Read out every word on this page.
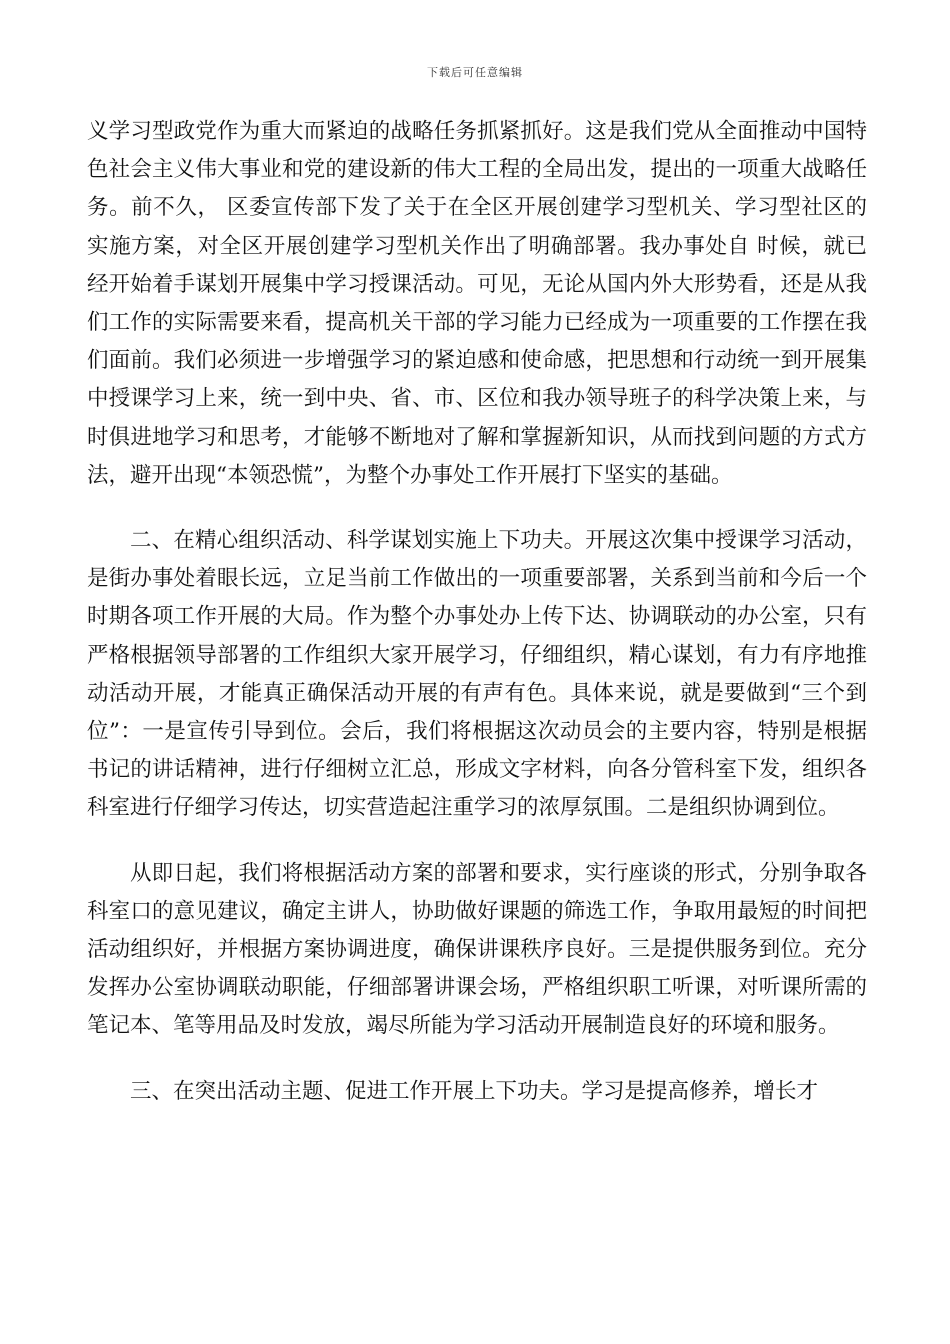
下载后可任意编辑

义学习型政党作为重大而紧迫的战略任务抓紧抓好。这是我们党从全面推动中国特色社会主义伟大事业和党的建设新的伟大工程的全局出发，提出的一项重大战略任务。前不久， 区委宣传部下发了关于在全区开展创建学习型机关、学习型社区的实施方案，对全区开展创建学习型机关作出了明确部署。我办事处自 时候，就已经开始着手谋划开展集中学习授课活动。可见，无论从国内外大形势看，还是从我们工作的实际需要来看，提高机关干部的学习能力已经成为一项重要的工作摆在我们面前。我们必须进一步增强学习的紧迫感和使命感，把思想和行动统一到开展集中授课学习上来，统一到中央、省、市、区位和我办领导班子的科学决策上来，与时俱进地学习和思考，才能够不断地对了解和掌握新知识，从而找到问题的方式方法，避开出现“本领恐慌”，为整个办事处工作开展打下坚实的基础。

二、在精心组织活动、科学谋划实施上下功夫。开展这次集中授课学习活动，是街办事处着眼长远，立足当前工作做出的一项重要部署，关系到当前和今后一个时期各项工作开展的大局。作为整个办事处办上传下达、协调联动的办公室，只有严格根据领导部署的工作组织大家开展学习，仔细组织，精心谋划，有力有序地推动活动开展，才能真正确保活动开展的有声有色。具体来说，就是要做到“三个到位”：一是宣传引导到位。会后，我们将根据这次动员会的主要内容，特别是根据书记的讲话精神，进行仔细树立汇总，形成文字材料，向各分管科室下发，组织各科室进行仔细学习传达，切实营造起注重学习的浓厚氛围。二是组织协调到位。

从即日起，我们将根据活动方案的部署和要求，实行座谈的形式，分别争取各科室口的意见建议，确定主讲人，协助做好课题的筛选工作，争取用最短的时间把活动组织好，并根据方案协调进度，确保讲课秩序良好。三是提供服务到位。充分发挥办公室协调联动职能，仔细部署讲课会场，严格组织职工听课，对听课所需的笔记本、笔等用品及时发放，竭尽所能为学习活动开展制造良好的环境和服务。

三、在突出活动主题、促进工作开展上下功夫。学习是提高修养，增长才
